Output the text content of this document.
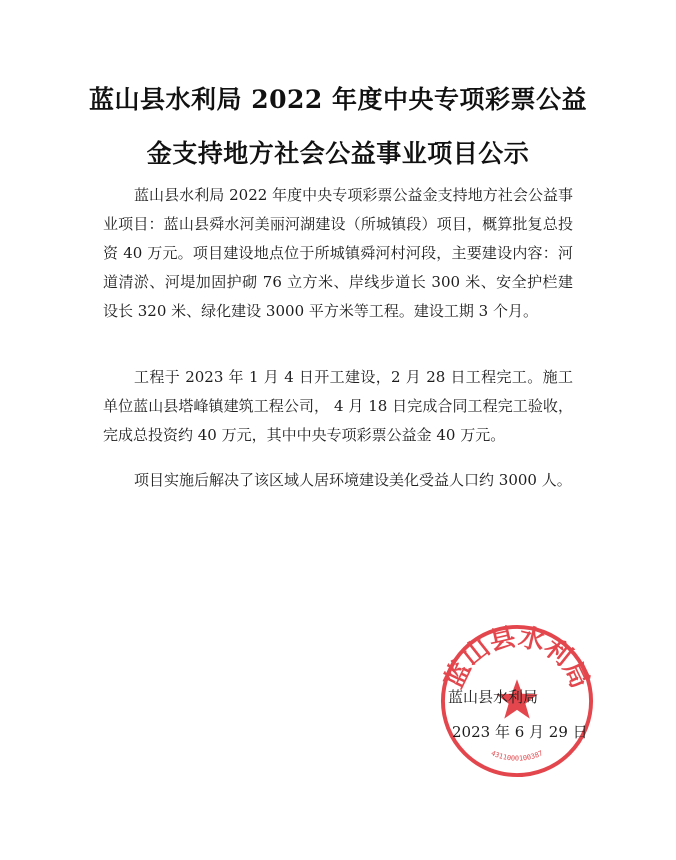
蓝山县水利局 2022 年度中央专项彩票公益
金支持地方社会公益事业项目公示

蓝山县水利局 2022 年度中央专项彩票公益金支持地方社会公益事业项目：蓝山县舜水河美丽河湖建设（所城镇段）项目，概算批复总投资 40 万元。项目建设地点位于所城镇舜河村河段，主要建设内容：河道清淤、河堤加固护砌 76 立方米、岸线步道长 300 米、安全护栏建设长 320 米、绿化建设 3000 平方米等工程。建设工期 3 个月。

工程于 2023 年 1 月 4 日开工建设，2 月 28 日工程完工。施工单位蓝山县塔峰镇建筑工程公司， 4 月 18 日完成合同工程完工验收，完成总投资约 40 万元，其中中央专项彩票公益金 40 万元。

项目实施后解决了该区域人居环境建设美化受益人口约 3000 人。

蓝山县水利局
4311000100387
蓝山县水利局
2023 年 6 月 29 日
